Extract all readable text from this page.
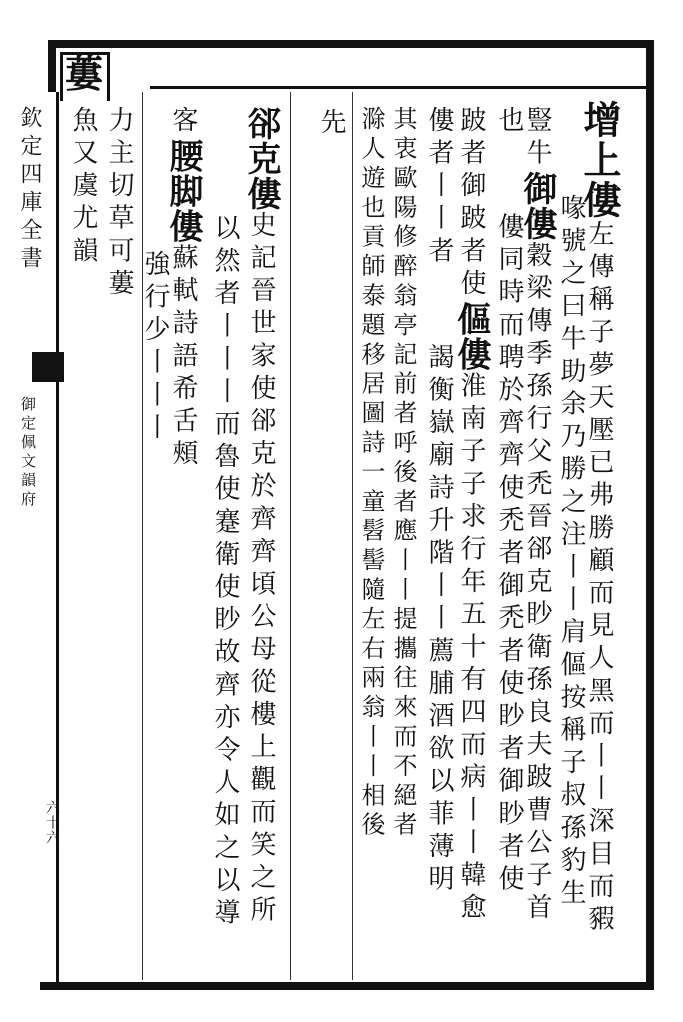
蔞
欽定四庫全書
御定佩文韻府
六十六
增上僂左傳稱子夢天壓已弗勝顧而見人黑而丨丨深目而豭
喙號之曰牛助余乃勝之注丨丨肩傴按稱子叔孫豹生
豎牛御僂穀梁傳季孫行父禿晉郤克眇衛孫良夫跛曹公子首
也僂同時而聘於齊齊使禿者御禿者使眇者御眇者使
跛者御跛者使傴僂淮南子子求行年五十有四而病丨丨韓愈
僂者丨丨者謁衡嶽廟詩升階丨丨薦脯酒欲以菲薄明
其衷歐陽修醉翁亭記前者呼後者應丨丨提攜往來而不絕者
滁人遊也貢師泰題移居圖詩一童髫髻隨左右兩翁丨丨相後
先
郤克僂史記晉世家使郤克於齊齊頃公母從樓上觀而笑之所
以然者丨丨丨而魯使蹇衛使眇故齊亦令人如之以導
客腰脚僂蘇軾詩語希舌頰
強行少丨丨丨
力主切草可蔞
魚又虞尤韻
